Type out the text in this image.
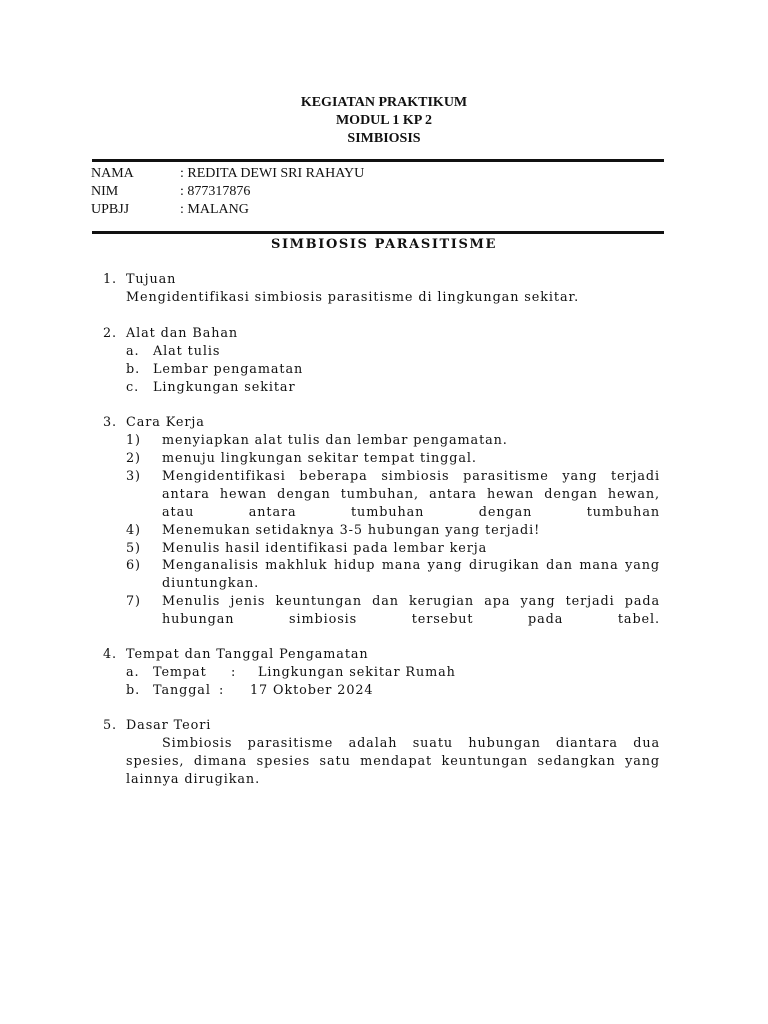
KEGIATAN PRAKTIKUM
MODUL 1 KP 2
SIMBIOSIS
NAMA	: REDITA DEWI SRI RAHAYU
NIM	: 877317876
UPBJJ	: MALANG
SIMBIOSIS PARASITISME
1. Tujuan
Mengidentifikasi simbiosis parasitisme di lingkungan sekitar.
2. Alat dan Bahan
a. Alat tulis
b. Lembar pengamatan
c. Lingkungan sekitar
3. Cara Kerja
1) menyiapkan alat tulis dan lembar pengamatan.
2) menuju lingkungan sekitar tempat tinggal.
3) Mengidentifikasi beberapa simbiosis parasitisme yang terjadi antara hewan dengan tumbuhan, antara hewan dengan hewan, atau antara tumbuhan dengan tumbuhan
4) Menemukan setidaknya 3-5 hubungan yang terjadi!
5) Menulis hasil identifikasi pada lembar kerja
6) Menganalisis makhluk hidup mana yang dirugikan dan mana yang diuntungkan.
7) Menulis jenis keuntungan dan kerugian apa yang terjadi pada hubungan simbiosis tersebut pada tabel.
4. Tempat dan Tanggal Pengamatan
a. Tempat : Lingkungan sekitar Rumah
b. Tanggal : 17 Oktober 2024
5. Dasar Teori
Simbiosis parasitisme adalah suatu hubungan diantara dua spesies, dimana spesies satu mendapat keuntungan sedangkan yang lainnya dirugikan.
